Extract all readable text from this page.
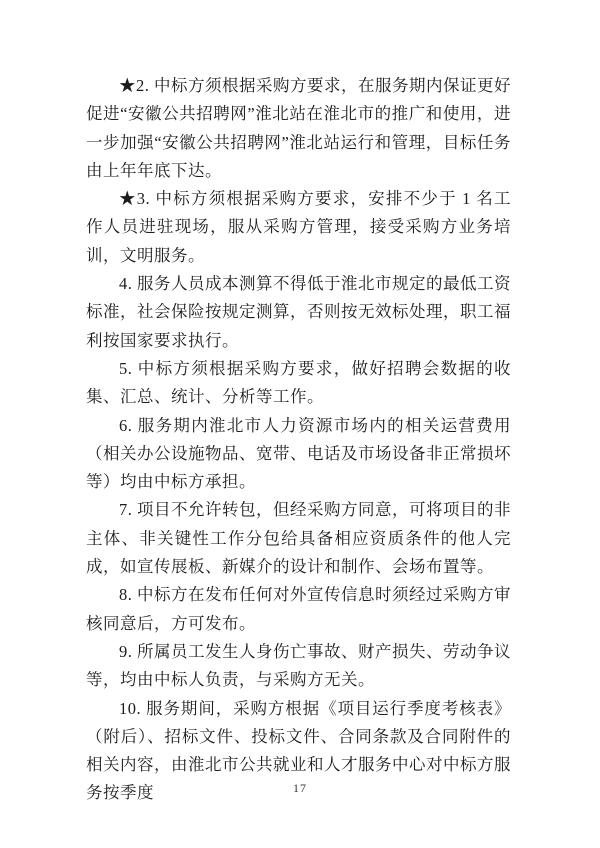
★2. 中标方须根据采购方要求，在服务期内保证更好促进“安徽公共招聘网”淮北站在淮北市的推广和使用，进一步加强“安徽公共招聘网”淮北站运行和管理，目标任务由上年年底下达。

★3. 中标方须根据采购方要求，安排不少于 1 名工作人员进驻现场，服从采购方管理，接受采购方业务培训，文明服务。

4. 服务人员成本测算不得低于淮北市规定的最低工资标准，社会保险按规定测算，否则按无效标处理，职工福利按国家要求执行。

5. 中标方须根据采购方要求，做好招聘会数据的收集、汇总、统计、分析等工作。

6. 服务期内淮北市人力资源市场内的相关运营费用（相关办公设施物品、宽带、电话及市场设备非正常损坏等）均由中标方承担。

7. 项目不允许转包，但经采购方同意，可将项目的非主体、非关键性工作分包给具备相应资质条件的他人完成，如宣传展板、新媒介的设计和制作、会场布置等。

8. 中标方在发布任何对外宣传信息时须经过采购方审核同意后，方可发布。

9. 所属员工发生人身伤亡事故、财产损失、劳动争议等，均由中标人负责，与采购方无关。

10. 服务期间，采购方根据《项目运行季度考核表》（附后）、招标文件、投标文件、合同条款及合同附件的相关内容，由淮北市公共就业和人才服务中心对中标方服务按季度	17
